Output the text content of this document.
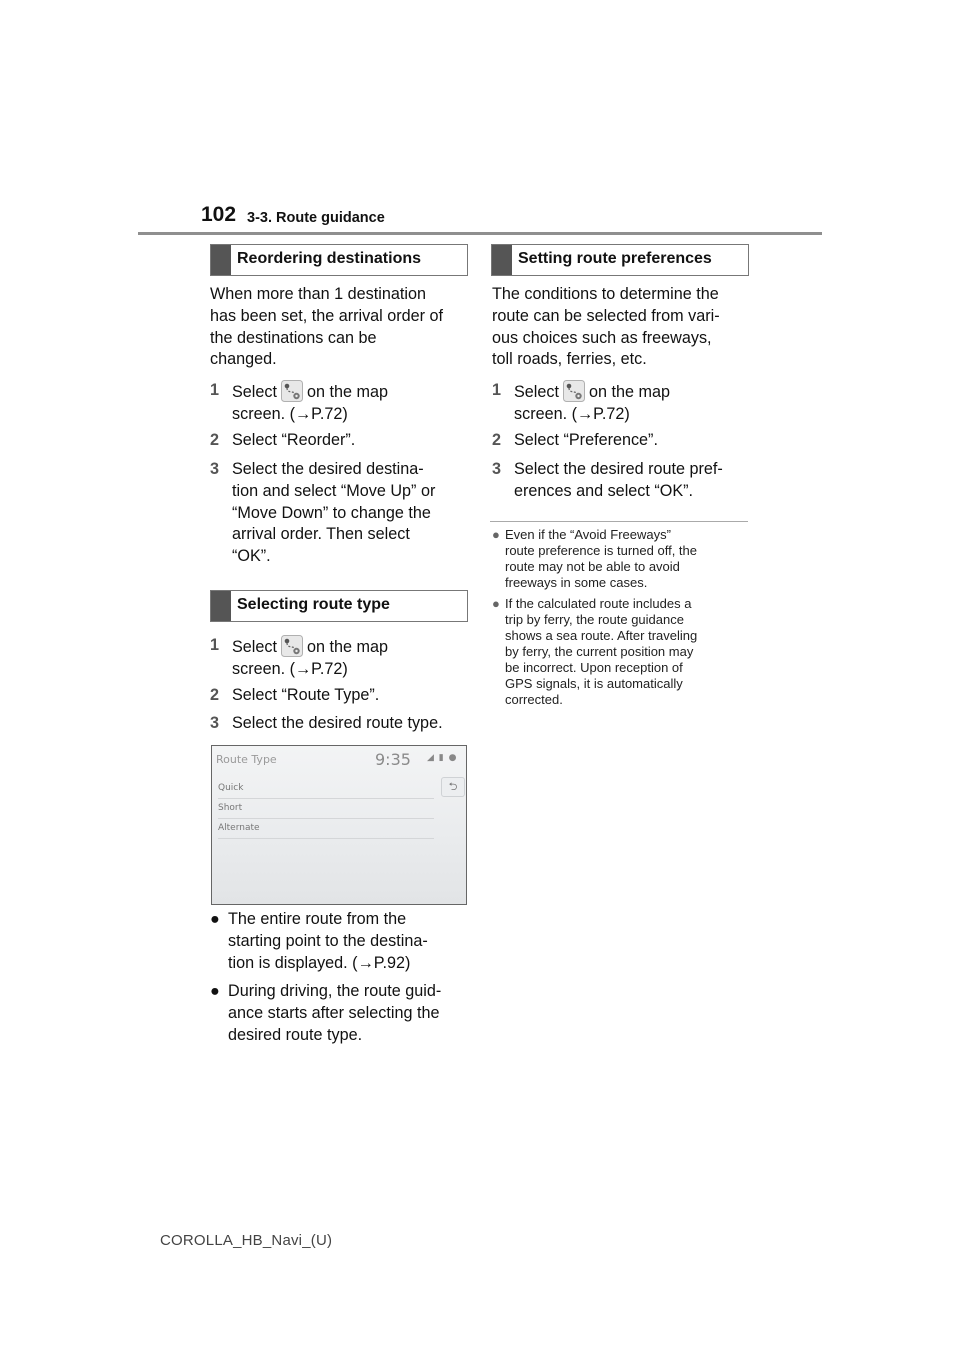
102 3-3. Route guidance
Reordering destinations
When more than 1 destination
has been set, the arrival order of
the destinations can be
changed.
1 Select on the map
screen. (→P.72)
2 Select “Reorder”.
3 Select the desired destina-
tion and select “Move Up” or
“Move Down” to change the
arrival order. Then select
“OK”.
Selecting route type
1 Select on the map
screen. (→P.72)
2 Select “Route Type”.
3 Select the desired route type.
Route Type	9:35 ◢ ▮ ●
⮌
Quick
Short
Alternate
● The entire route from the
starting point to the destina-
tion is displayed. (→P.92)
● During driving, the route guid-
ance starts after selecting the
desired route type.
Setting route preferences
The conditions to determine the
route can be selected from vari-
ous choices such as freeways,
toll roads, ferries, etc.
1 Select on the map
screen. (→P.72)
2 Select “Preference”.
3 Select the desired route pref-
erences and select “OK”.
● Even if the “Avoid Freeways”
route preference is turned off, the
route may not be able to avoid
freeways in some cases.
● If the calculated route includes a
trip by ferry, the route guidance
shows a sea route. After traveling
by ferry, the current position may
be incorrect. Upon reception of
GPS signals, it is automatically
corrected.
COROLLA_HB_Navi_(U)
